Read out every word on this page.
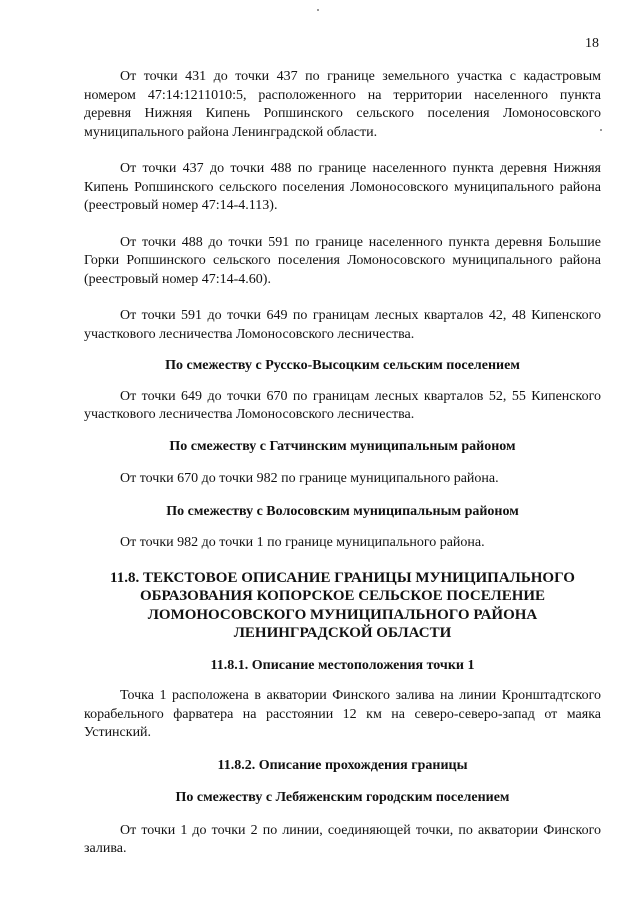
18

От точки 431 до точки 437 по границе земельного участка с кадастровым номером 47:14:1211010:5, расположенного на территории населенного пункта деревня Нижняя Кипень Ропшинского сельского поселения Ломоносовского муниципального района Ленинградской области.

От точки 437 до точки 488 по границе населенного пункта деревня Нижняя Кипень Ропшинского сельского поселения Ломоносовского муниципального района (реестровый номер 47:14-4.113).

От точки 488 до точки 591 по границе населенного пункта деревня Большие Горки Ропшинского сельского поселения Ломоносовского муниципального района (реестровый номер 47:14-4.60).

От точки 591 до точки 649 по границам лесных кварталов 42, 48 Кипенского участкового лесничества Ломоносовского лесничества.

По смежеству с Русско-Высоцким сельским поселением

От точки 649 до точки 670 по границам лесных кварталов 52, 55 Кипенского участкового лесничества Ломоносовского лесничества.

По смежеству с Гатчинским муниципальным районом

От точки 670 до точки 982 по границе муниципального района.

По смежеству с Волосовским муниципальным районом

От точки 982 до точки 1 по границе муниципального района.

11.8. ТЕКСТОВОЕ ОПИСАНИЕ ГРАНИЦЫ МУНИЦИПАЛЬНОГО ОБРАЗОВАНИЯ КОПОРСКОЕ СЕЛЬСКОЕ ПОСЕЛЕНИЕ ЛОМОНОСОВСКОГО МУНИЦИПАЛЬНОГО РАЙОНА ЛЕНИНГРАДСКОЙ ОБЛАСТИ
11.8.1. Описание местоположения точки 1

Точка 1 расположена в акватории Финского залива на линии Кронштадтского корабельного фарватера на расстоянии 12 км на северо-северо-запад от маяка Устинский.

11.8.2. Описание прохождения границы
По смежеству с Лебяженским городским поселением

От точки 1 до точки 2 по линии, соединяющей точки, по акватории Финского залива.
